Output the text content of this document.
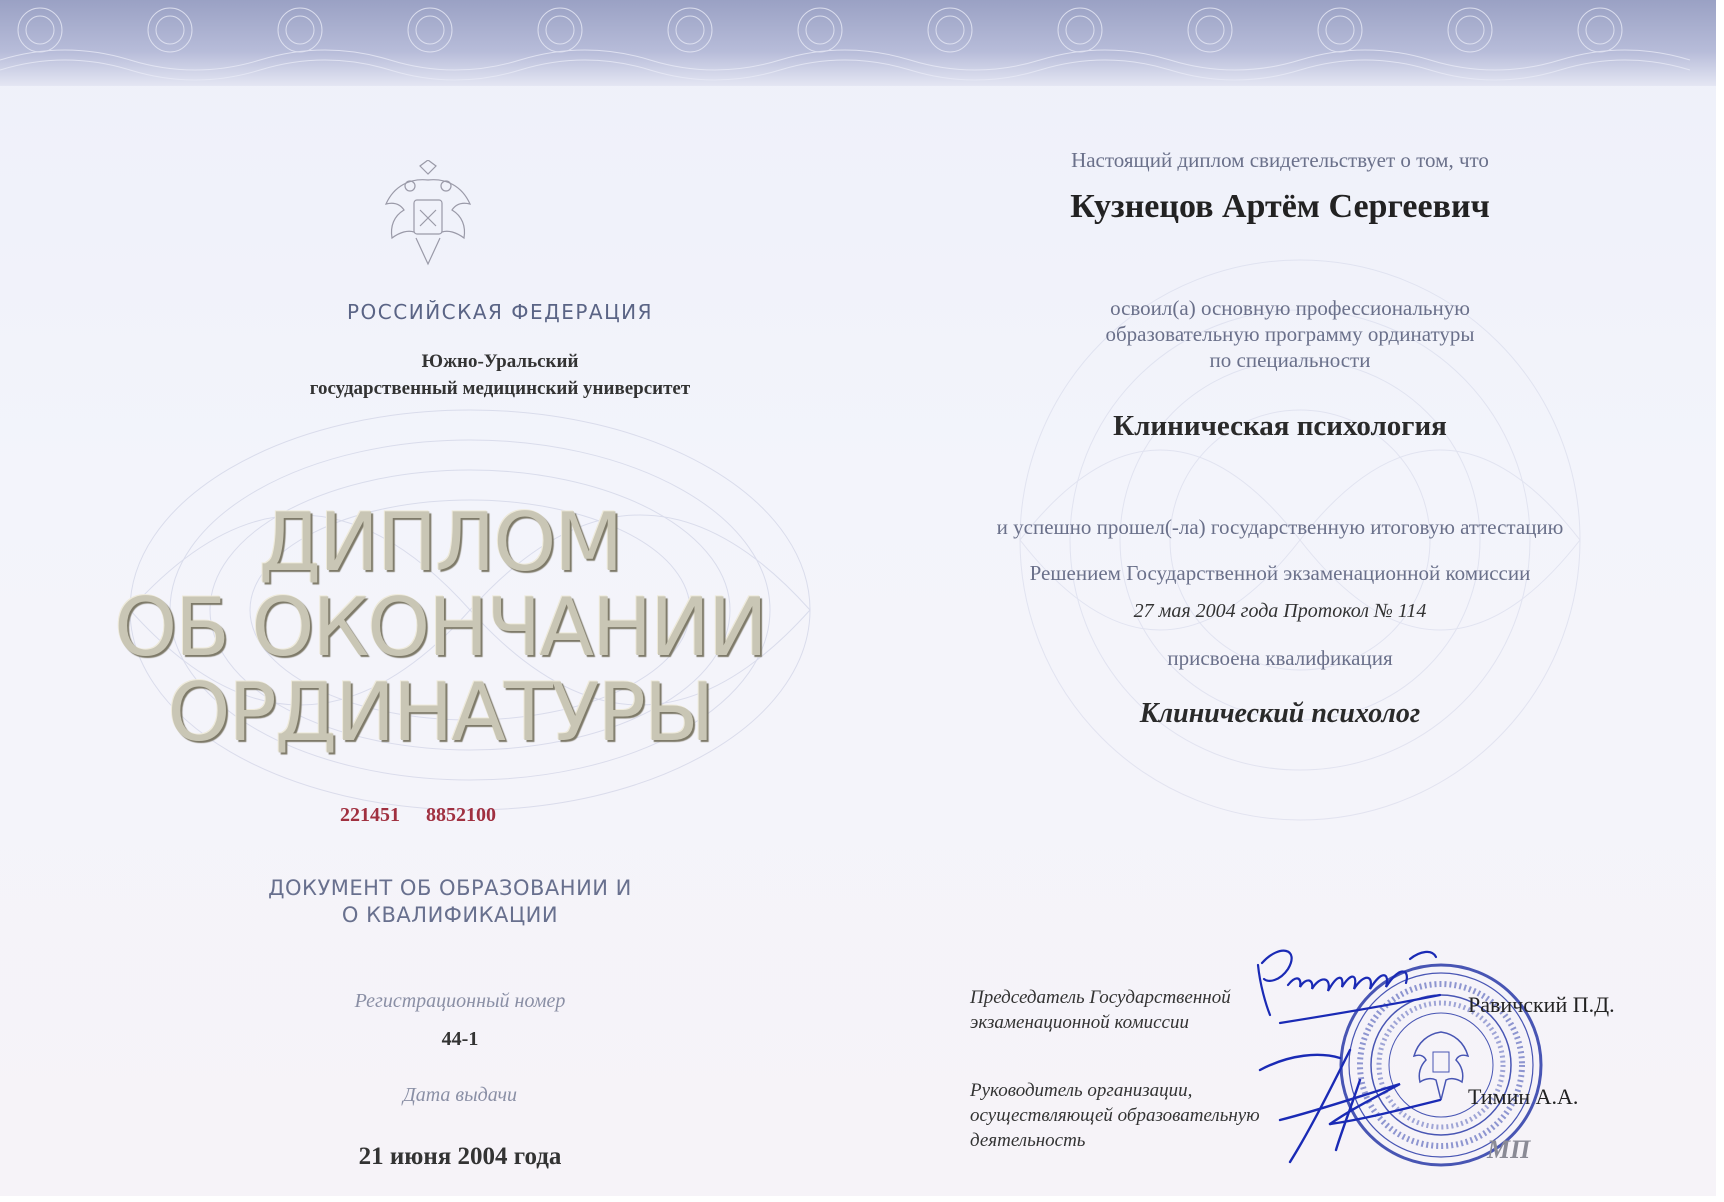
РОССИЙСКАЯ ФЕДЕРАЦИЯ
Южно-Уральский
государственный медицинский университет
ДИПЛОМ
ОБ ОКОНЧАНИИ
ОРДИНАТУРЫ
221451 8852100
ДОКУМЕНТ ОБ ОБРАЗОВАНИИ И
О КВАЛИФИКАЦИИ
Регистрационный номер
44-1
Дата выдачи
21 июня 2004 года
Настоящий диплом свидетельствует о том, что
Кузнецов Артём Сергеевич
освоил(а) основную профессиональную
образовательную программу ординатуры
по специальности
Клиническая психология
и успешно прошел(-ла) государственную итоговую аттестацию
Решением Государственной экзаменационной комиссии
27 мая 2004 года Протокол № 114
присвоена квалификация
Клинический психолог
Председатель Государственной
экзаменационной комиссии
Руководитель организации,
осуществляющей образовательную
деятельность
Равичский П.Д.
Тимин А.А.
МП
